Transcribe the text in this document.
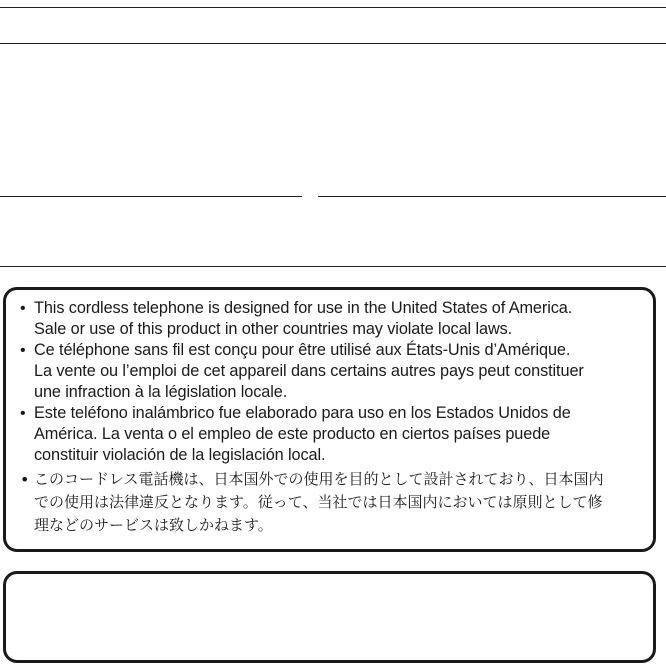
• This cordless telephone is designed for use in the United States of America.
Sale or use of this product in other countries may violate local laws.
• Ce téléphone sans fil est conçu pour être utilisé aux États-Unis d’Amérique.
La vente ou l’emploi de cet appareil dans certains autres pays peut constituer
une infraction à la législation locale.
• Este teléfono inalámbrico fue elaborado para uso en los Estados Unidos de
América. La venta o el empleo de este producto en ciertos países puede
constituir violación de la legislación local.
• このコードレス電話機は、日本国外での使用を目的として設計されており、日本国内
での使用は法律違反となります。従って、当社では日本国内においては原則として修
理などのサービスは致しかねます。
